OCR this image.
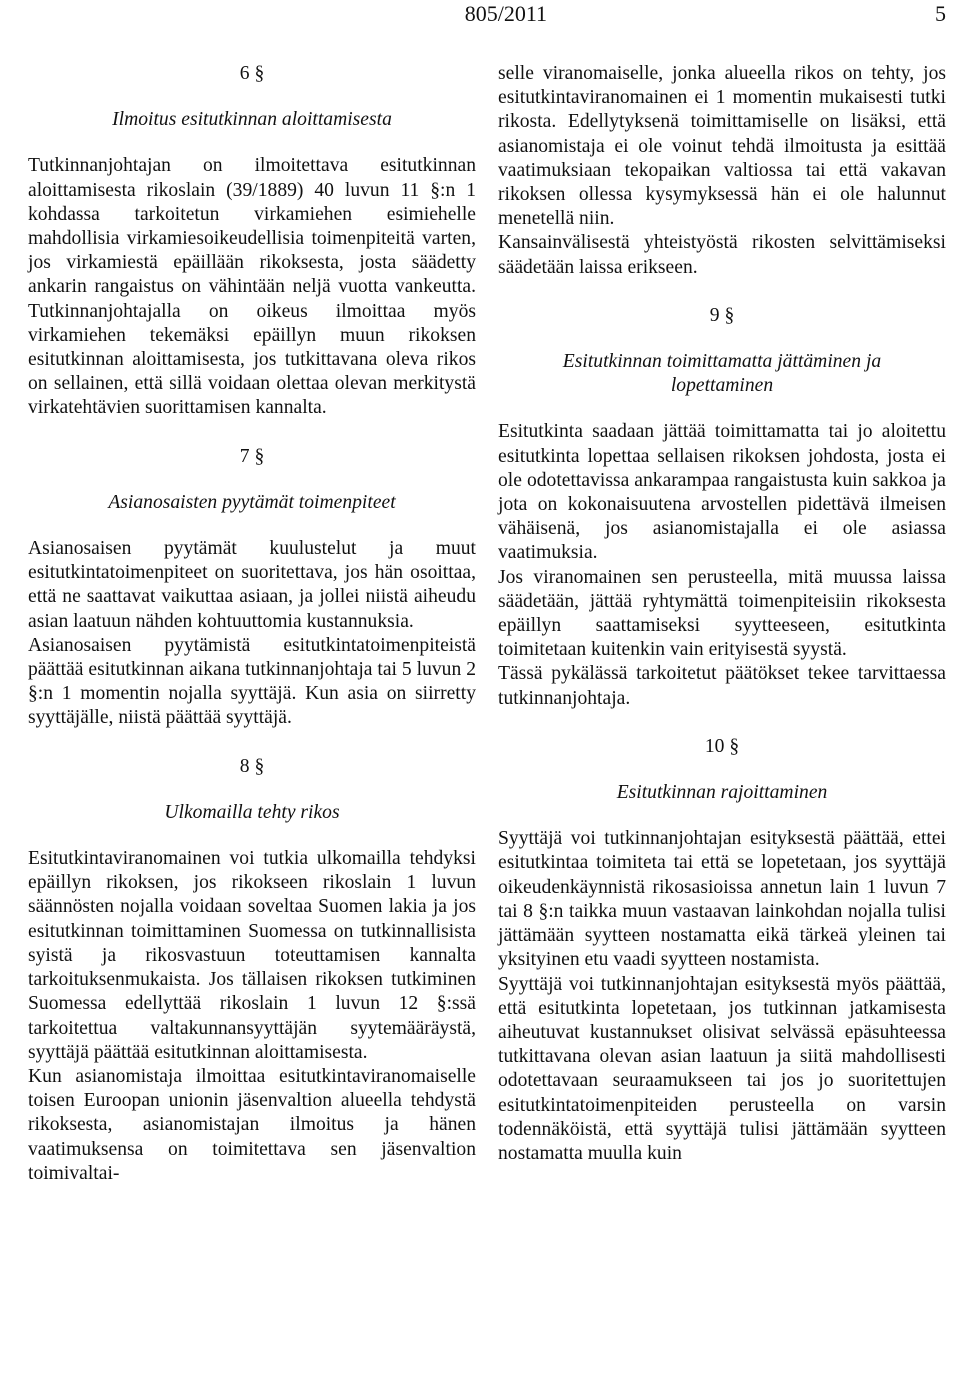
805/2011	5

6 §

Ilmoitus esitutkinnan aloittamisesta

Tutkinnanjohtajan on ilmoitettava esitutkinnan aloittamisesta rikoslain (39/1889) 40 luvun 11 §:n 1 kohdassa tarkoitetun virkamiehen esimiehelle mahdollisia virkamiesoikeudellisia toimenpiteitä varten, jos virkamiestä epäillään rikoksesta, josta säädetty ankarin rangaistus on vähintään neljä vuotta vankeutta. Tutkinnanjohtajalla on oikeus ilmoittaa myös virkamiehen tekemäksi epäillyn muun rikoksen esitutkinnan aloittamisesta, jos tutkittavana oleva rikos on sellainen, että sillä voidaan olettaa olevan merkitystä virkatehtävien suorittamisen kannalta.

7 §

Asianosaisten pyytämät toimenpiteet

Asianosaisen pyytämät kuulustelut ja muut esitutkintatoimenpiteet on suoritettava, jos hän osoittaa, että ne saattavat vaikuttaa asiaan, ja jollei niistä aiheudu asian laatuun nähden kohtuuttomia kustannuksia.

Asianosaisen pyytämistä esitutkintatoimenpiteistä päättää esitutkinnan aikana tutkinnanjohtaja tai 5 luvun 2 §:n 1 momentin nojalla syyttäjä. Kun asia on siirretty syyttäjälle, niistä päättää syyttäjä.

8 §

Ulkomailla tehty rikos

Esitutkintaviranomainen voi tutkia ulkomailla tehdyksi epäillyn rikoksen, jos rikokseen rikoslain 1 luvun säännösten nojalla voidaan soveltaa Suomen lakia ja jos esitutkinnan toimittaminen Suomessa on tutkinnallisista syistä ja rikosvastuun toteuttamisen kannalta tarkoituksenmukaista. Jos tällaisen rikoksen tutkiminen Suomessa edellyttää rikoslain 1 luvun 12 §:ssä tarkoitettua valtakunnansyyttäjän syytemääräystä, syyttäjä päättää esitutkinnan aloittamisesta.

Kun asianomistaja ilmoittaa esitutkintaviranomaiselle toisen Euroopan unionin jäsenvaltion alueella tehdystä rikoksesta, asianomistajan ilmoitus ja hänen vaatimuksensa on toimitettava sen jäsenvaltion toimivaltai-

selle viranomaiselle, jonka alueella rikos on tehty, jos esitutkintaviranomainen ei 1 momentin mukaisesti tutki rikosta. Edellytyksenä toimittamiselle on lisäksi, että asianomistaja ei ole voinut tehdä ilmoitusta ja esittää vaatimuksiaan tekopaikan valtiossa tai että vakavan rikoksen ollessa kysymyksessä hän ei ole halunnut menetellä niin.

Kansainvälisestä yhteistyöstä rikosten selvittämiseksi säädetään laissa erikseen.

9 §

Esitutkinnan toimittamatta jättäminen ja lopettaminen

Esitutkinta saadaan jättää toimittamatta tai jo aloitettu esitutkinta lopettaa sellaisen rikoksen johdosta, josta ei ole odotettavissa ankarampaa rangaistusta kuin sakkoa ja jota on kokonaisuutena arvostellen pidettävä ilmeisen vähäisenä, jos asianomistajalla ei ole asiassa vaatimuksia.

Jos viranomainen sen perusteella, mitä muussa laissa säädetään, jättää ryhtymättä toimenpiteisiin rikoksesta epäillyn saattamiseksi syytteeseen, esitutkinta toimitetaan kuitenkin vain erityisestä syystä.

Tässä pykälässä tarkoitetut päätökset tekee tarvittaessa tutkinnanjohtaja.

10 §

Esitutkinnan rajoittaminen

Syyttäjä voi tutkinnanjohtajan esityksestä päättää, ettei esitutkintaa toimiteta tai että se lopetetaan, jos syyttäjä oikeudenkäynnistä rikosasioissa annetun lain 1 luvun 7 tai 8 §:n taikka muun vastaavan lainkohdan nojalla tulisi jättämään syytteen nostamatta eikä tärkeä yleinen tai yksityinen etu vaadi syytteen nostamista.

Syyttäjä voi tutkinnanjohtajan esityksestä myös päättää, että esitutkinta lopetetaan, jos tutkinnan jatkamisesta aiheutuvat kustannukset olisivat selvässä epäsuhteessa tutkittavana olevan asian laatuun ja siitä mahdollisesti odotettavaan seuraamukseen tai jos jo suoritettujen esitutkintatoimenpiteiden perusteella on varsin todennäköistä, että syyttäjä tulisi jättämään syytteen nostamatta muulla kuin
